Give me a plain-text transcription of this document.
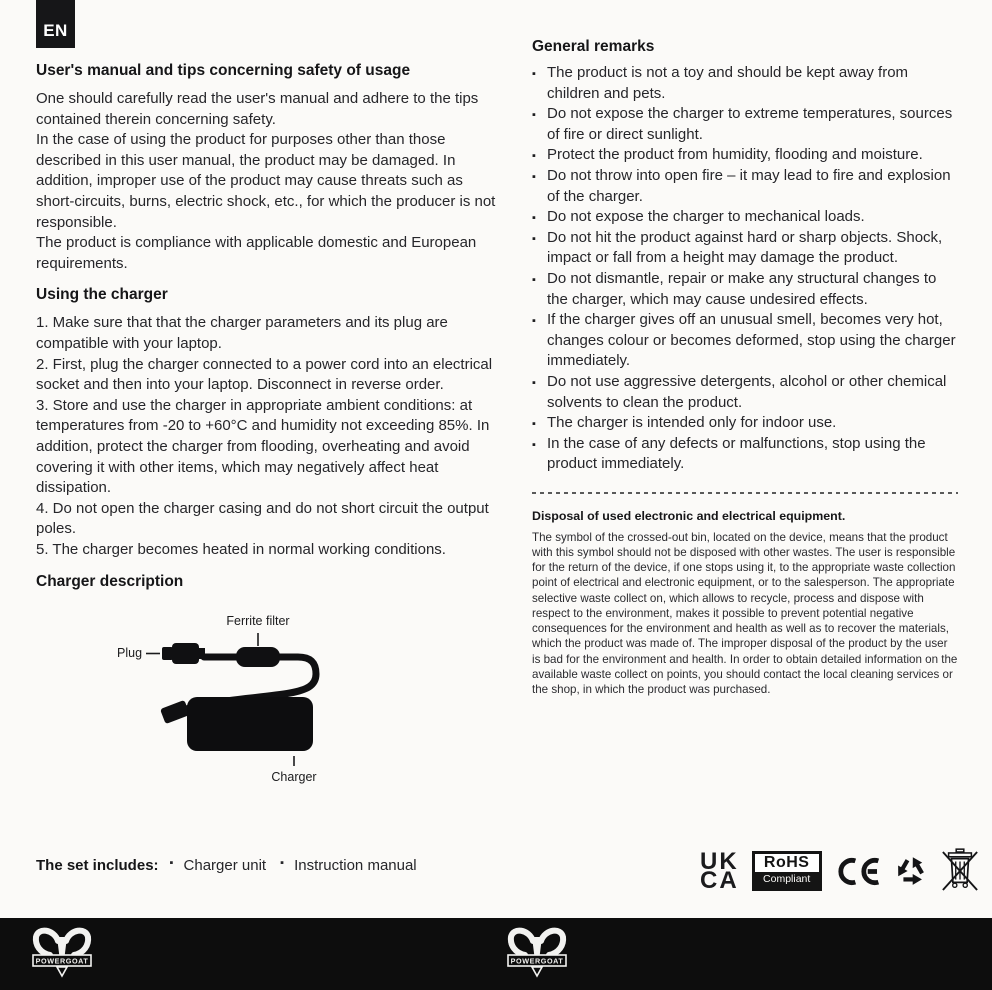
EN
User's manual and tips concerning safety of usage
One should carefully read the user's manual and adhere to the tips contained therein concerning safety.
In the case of using the product for purposes other than those described in this user manual, the product may be damaged. In addition, improper use of the product may cause threats such as short-circuits, burns, electric shock, etc., for which the producer is not responsible.
The product is compliance with applicable domestic and European requirements.
Using the charger
1. Make sure that that the charger parameters and its plug are compatible with your laptop.
2. First, plug the charger connected to a power cord into an electrical socket and then into your laptop. Disconnect in reverse order.
3. Store and use the charger in appropriate ambient conditions: at temperatures from -20 to +60°C and humidity not exceeding 85%. In addition, protect the charger from flooding, overheating and avoid covering it with other items, which may negatively affect heat dissipation.
4. Do not open the charger casing and do not short circuit the output poles.
5. The charger becomes heated in normal working conditions.
Charger description
Ferrite filter
Plug
Charger
The set includes:	▪ Charger unit	▪ Instruction manual
General remarks
▪ The product is not a toy and should be kept away from children and pets.
▪ Do not expose the charger to extreme temperatures, sources of fire or direct sunlight.
▪ Protect the product from humidity, flooding and moisture.
▪ Do not throw into open fire – it may lead to fire and explosion of the charger.
▪ Do not expose the charger to mechanical loads.
▪ Do not hit the product against hard or sharp objects. Shock, impact or fall from a height may damage the product.
▪ Do not dismantle, repair or make any structural changes to the charger, which may cause undesired effects.
▪ If the charger gives off an unusual smell, becomes very hot, changes colour or becomes deformed, stop using the charger immediately.
▪ Do not use aggressive detergents, alcohol or other chemical solvents to clean the product.
▪ The charger is intended only for indoor use.
▪ In the case of any defects or malfunctions, stop using the product immediately.
Disposal of used electronic and electrical equipment.
The symbol of the crossed-out bin, located on the device, means that the product with this symbol should not be disposed with other wastes. The user is responsible for the return of the device, if one stops using it, to the appropriate waste collection point of electrical and electronic equipment, or to the salesperson. The appropriate selective waste collect on, which allows to recycle, process and dispose with respect to the environment, makes it possible to prevent potential negative consequences for the environment and health as well as to recover the materials, which the product was made of. The improper disposal of the product by the user is bad for the environment and health. In order to obtain detailed information on the available waste collect on points, you should contact the local cleaning services or the shop, in which the product was purchased.
UK
CA
RoHS
Compliant
POWERGOAT	POWERGOAT
